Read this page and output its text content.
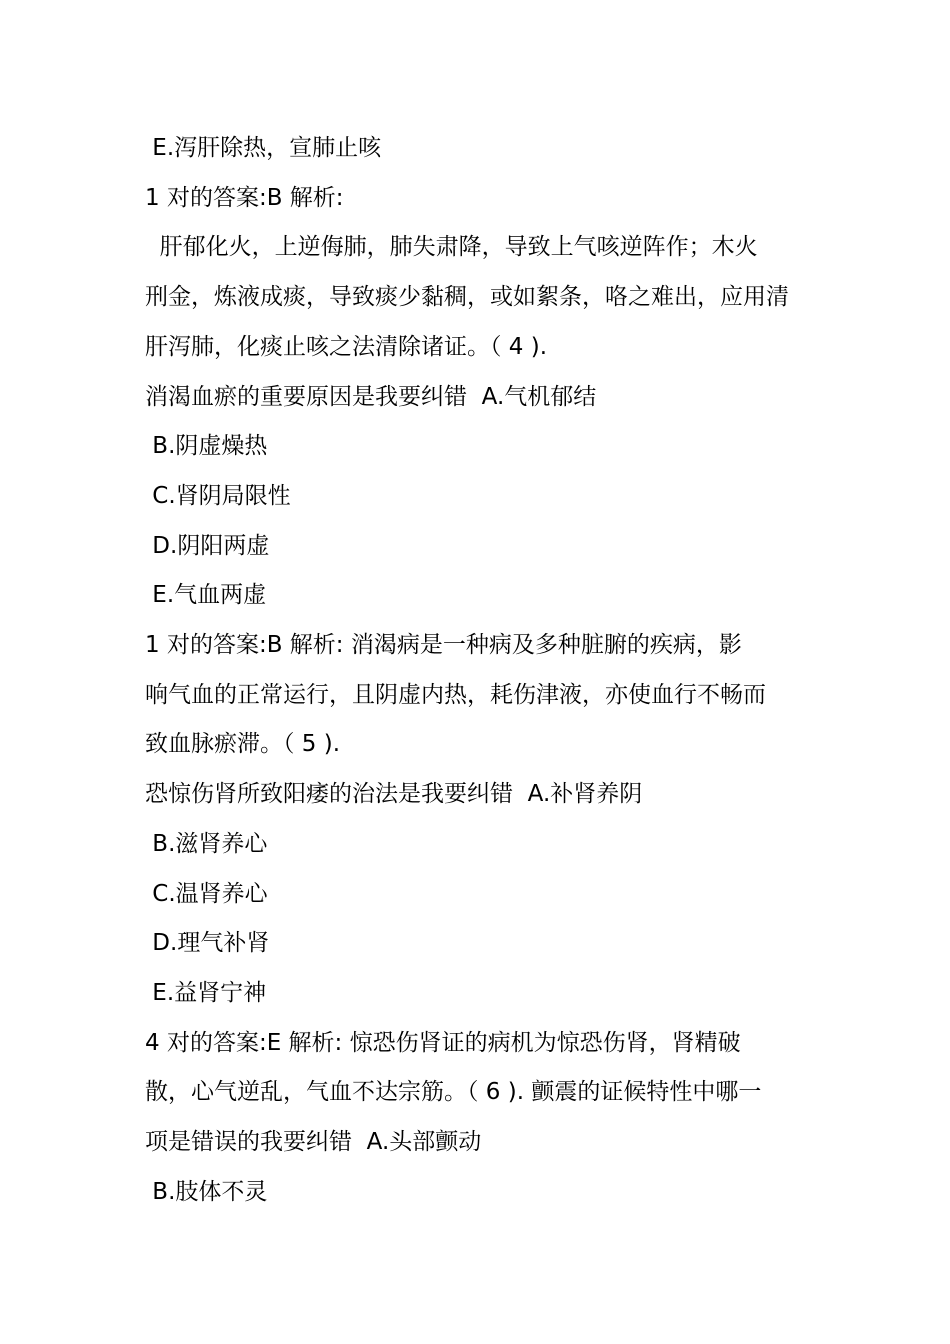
E.泻肝除热，宣肺止咳

1 对的答案:B 解析:

肝郁化火，上逆侮肺，肺失肃降，导致上气咳逆阵作；木火

刑金，炼液成痰，导致痰少黏稠，或如絮条，咯之难出，应用清

肝泻肺，化痰止咳之法清除诸证。（ 4 ).

消渴血瘀的重要原因是我要纠错  A.气机郁结

B.阴虚燥热

C.肾阴局限性

D.阴阳两虚

E.气血两虚

1 对的答案:B 解析: 消渴病是一种病及多种脏腑的疾病，影

响气血的正常运行，且阴虚内热，耗伤津液，亦使血行不畅而

致血脉瘀滞。（ 5 ).

恐惊伤肾所致阳痿的治法是我要纠错  A.补肾养阴

B.滋肾养心

C.温肾养心

D.理气补肾

E.益肾宁神

4 对的答案:E 解析: 惊恐伤肾证的病机为惊恐伤肾，肾精破

散，心气逆乱，气血不达宗筋。（ 6 ). 颤震的证候特性中哪一

项是错误的我要纠错  A.头部颤动

B.肢体不灵
